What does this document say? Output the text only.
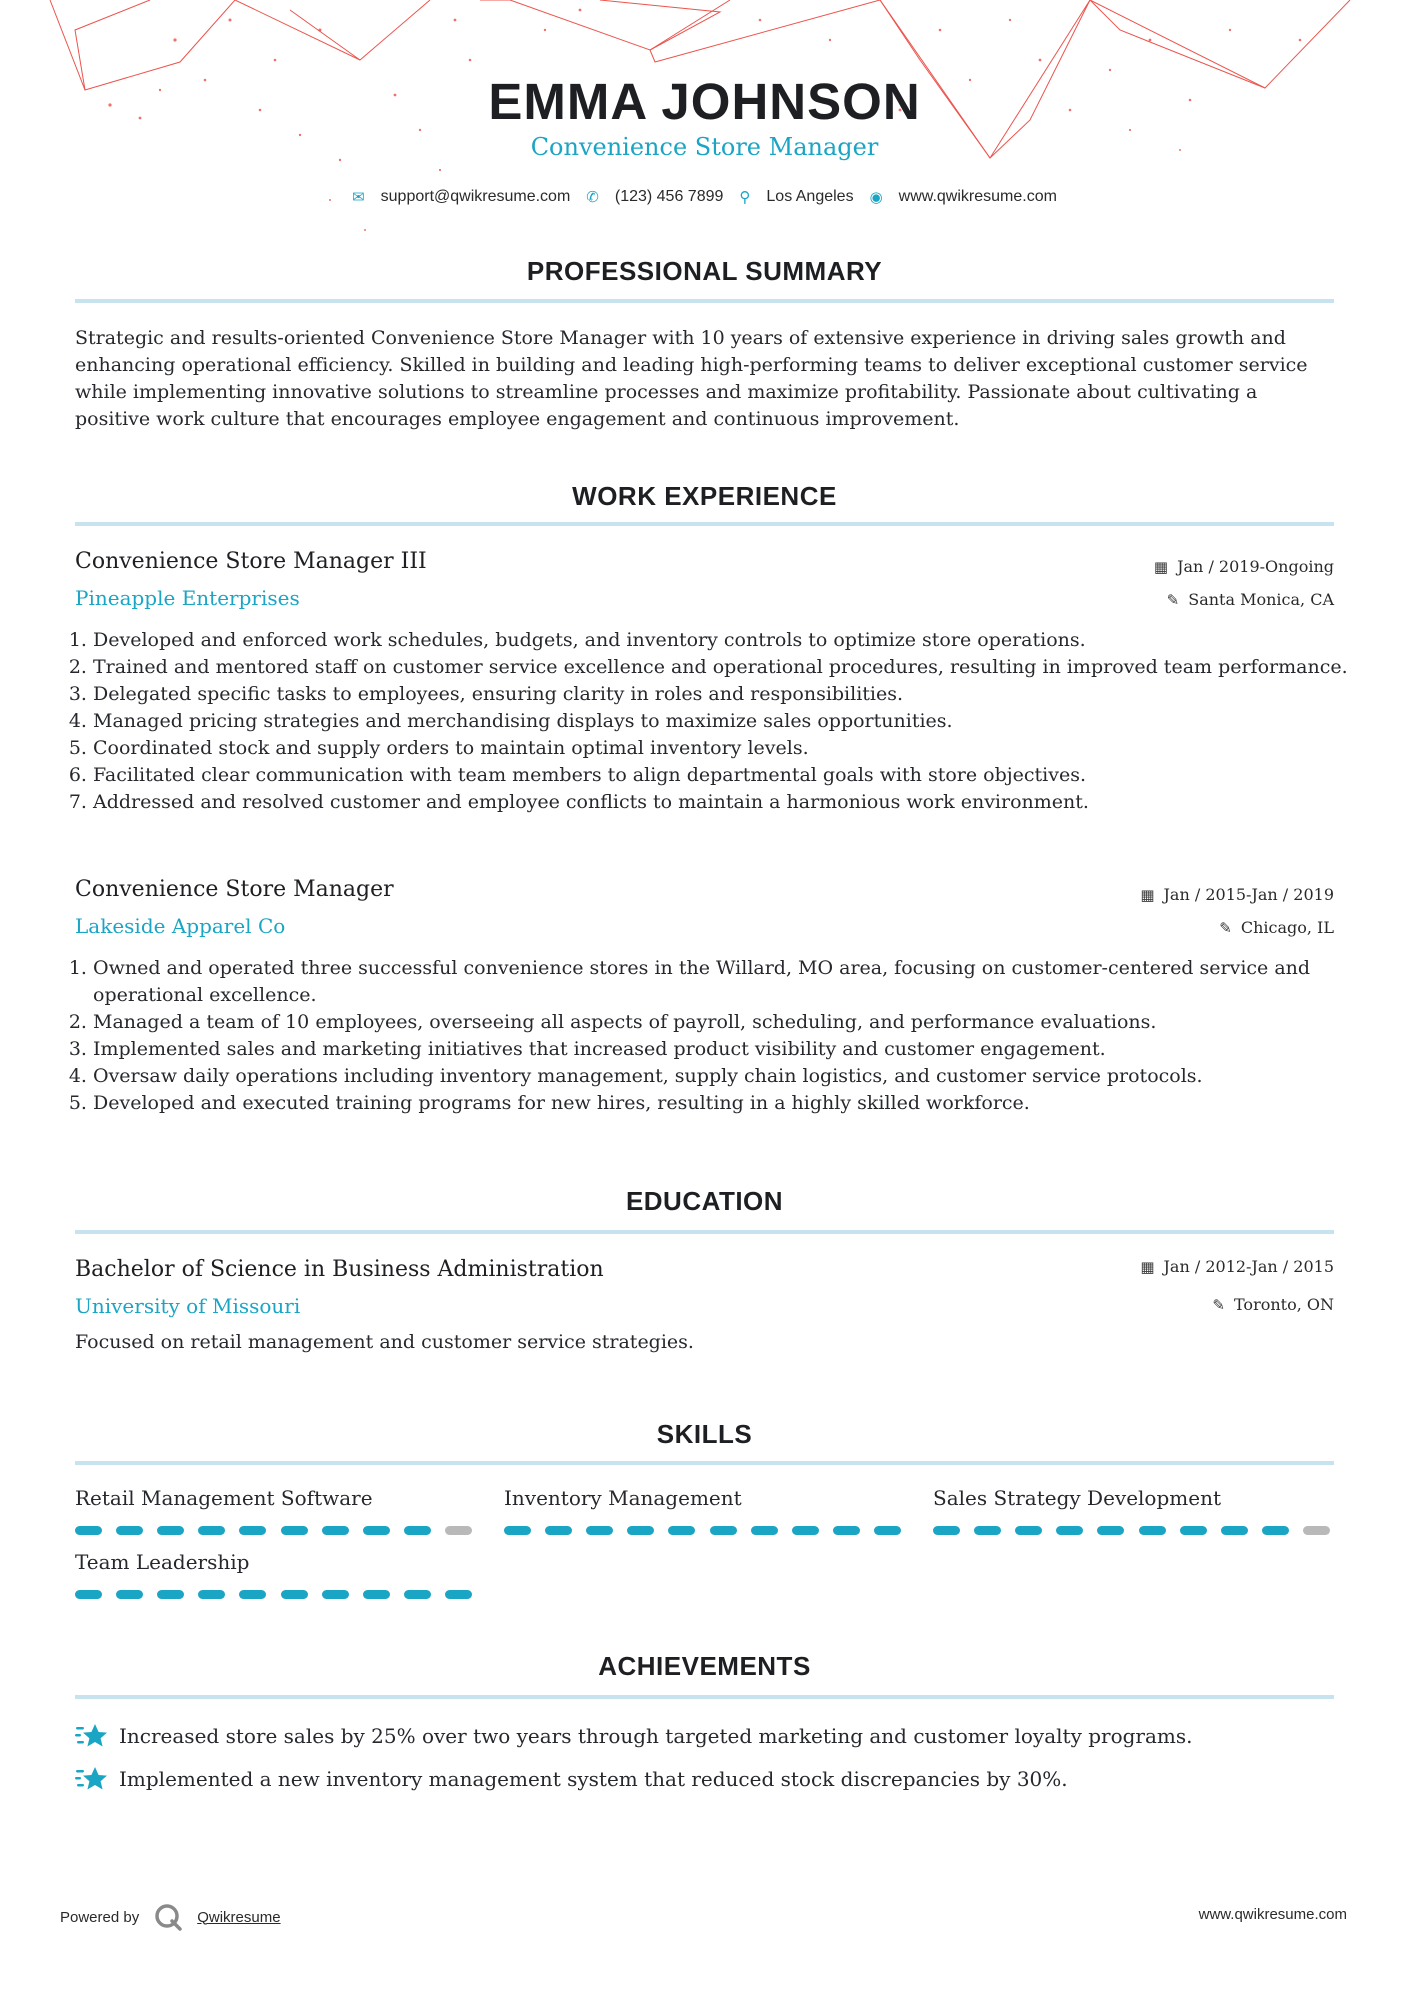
EMMA JOHNSON
Convenience Store Manager
✉ support@qwikresume.com ✆ (123) 456 7899 ⚲ Los Angeles ◉ www.qwikresume.com
PROFESSIONAL SUMMARY
Strategic and results-oriented Convenience Store Manager with 10 years of extensive experience in driving sales growth and enhancing operational efficiency. Skilled in building and leading high-performing teams to deliver exceptional customer service while implementing innovative solutions to streamline processes and maximize profitability. Passionate about cultivating a positive work culture that encourages employee engagement and continuous improvement.
WORK EXPERIENCE
Convenience Store Manager III	▦ Jan / 2019-Ongoing
Pineapple Enterprises	✎ Santa Monica, CA
1. Developed and enforced work schedules, budgets, and inventory controls to optimize store operations.
2. Trained and mentored staff on customer service excellence and operational procedures, resulting in improved team performance.
3. Delegated specific tasks to employees, ensuring clarity in roles and responsibilities.
4. Managed pricing strategies and merchandising displays to maximize sales opportunities.
5. Coordinated stock and supply orders to maintain optimal inventory levels.
6. Facilitated clear communication with team members to align departmental goals with store objectives.
7. Addressed and resolved customer and employee conflicts to maintain a harmonious work environment.
Convenience Store Manager	▦ Jan / 2015-Jan / 2019
Lakeside Apparel Co	✎ Chicago, IL
1. Owned and operated three successful convenience stores in the Willard, MO area, focusing on customer-centered service and operational excellence.
2. Managed a team of 10 employees, overseeing all aspects of payroll, scheduling, and performance evaluations.
3. Implemented sales and marketing initiatives that increased product visibility and customer engagement.
4. Oversaw daily operations including inventory management, supply chain logistics, and customer service protocols.
5. Developed and executed training programs for new hires, resulting in a highly skilled workforce.
EDUCATION
Bachelor of Science in Business Administration	▦ Jan / 2012-Jan / 2015
University of Missouri	✎ Toronto, ON
Focused on retail management and customer service strategies.
SKILLS
Retail Management Software	Inventory Management	Sales Strategy Development
Team Leadership
ACHIEVEMENTS
Increased store sales by 25% over two years through targeted marketing and customer loyalty programs.
Implemented a new inventory management system that reduced stock discrepancies by 30%.
Powered by	Qwikresume	www.qwikresume.com
